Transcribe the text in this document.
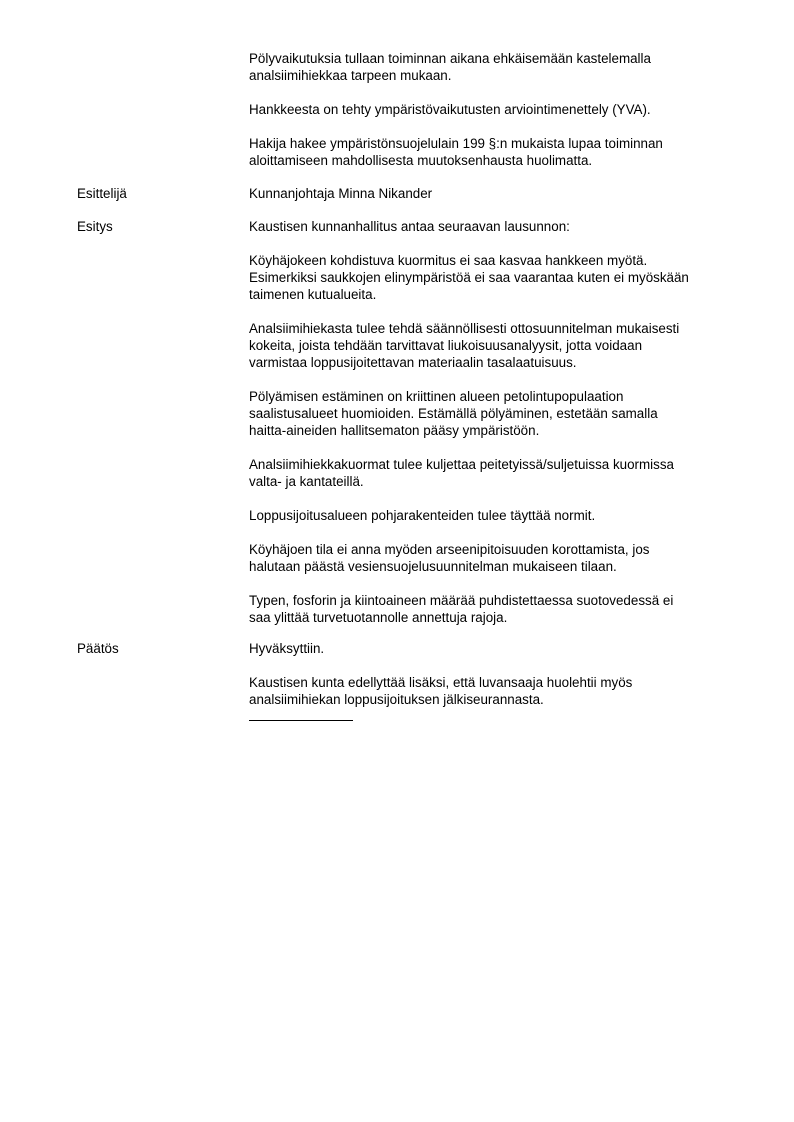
Pölyvaikutuksia tullaan toiminnan aikana ehkäisemään kastelemalla
analsiimihiekkaa tarpeen mukaan.

Hankkeesta on tehty ympäristövaikutusten arviointimenettely (YVA).

Hakija hakee ympäristönsuojelulain 199 §:n mukaista lupaa toiminnan
aloittamiseen mahdollisesta muutoksenhausta huolimatta.

Esittelijä	Kunnanjohtaja Minna Nikander
Esitys	Kaustisen kunnanhallitus antaa seuraavan lausunnon:

Köyhäjokeen kohdistuva kuormitus ei saa kasvaa hankkeen myötä.
Esimerkiksi saukkojen elinympäristöä ei saa vaarantaa kuten ei myöskään
taimenen kutualueita.

Analsiimihiekasta tulee tehdä säännöllisesti ottosuunnitelman mukaisesti
kokeita, joista tehdään tarvittavat liukoisuusanalyysit, jotta voidaan
varmistaa loppusijoitettavan materiaalin tasalaatuisuus.

Pölyämisen estäminen on kriittinen alueen petolintupopulaation
saalistusalueet huomioiden. Estämällä pölyäminen, estetään samalla
haitta-aineiden hallitsematon pääsy ympäristöön.

Analsiimihiekkakuormat tulee kuljettaa peitetyissä/suljetuissa kuormissa
valta- ja kantateillä.

Loppusijoitusalueen pohjarakenteiden tulee täyttää normit.

Köyhäjoen tila ei anna myöden arseenipitoisuuden korottamista, jos
halutaan päästä vesiensuojelusuunnitelman mukaiseen tilaan.

Typen, fosforin ja kiintoaineen määrää puhdistettaessa suotovedessä ei
saa ylittää turvetuotannolle annettuja rajoja.

Päätös	Hyväksyttiin.

Kaustisen kunta edellyttää lisäksi, että luvansaaja huolehtii myös
analsiimihiekan loppusijoituksen jälkiseurannasta.
